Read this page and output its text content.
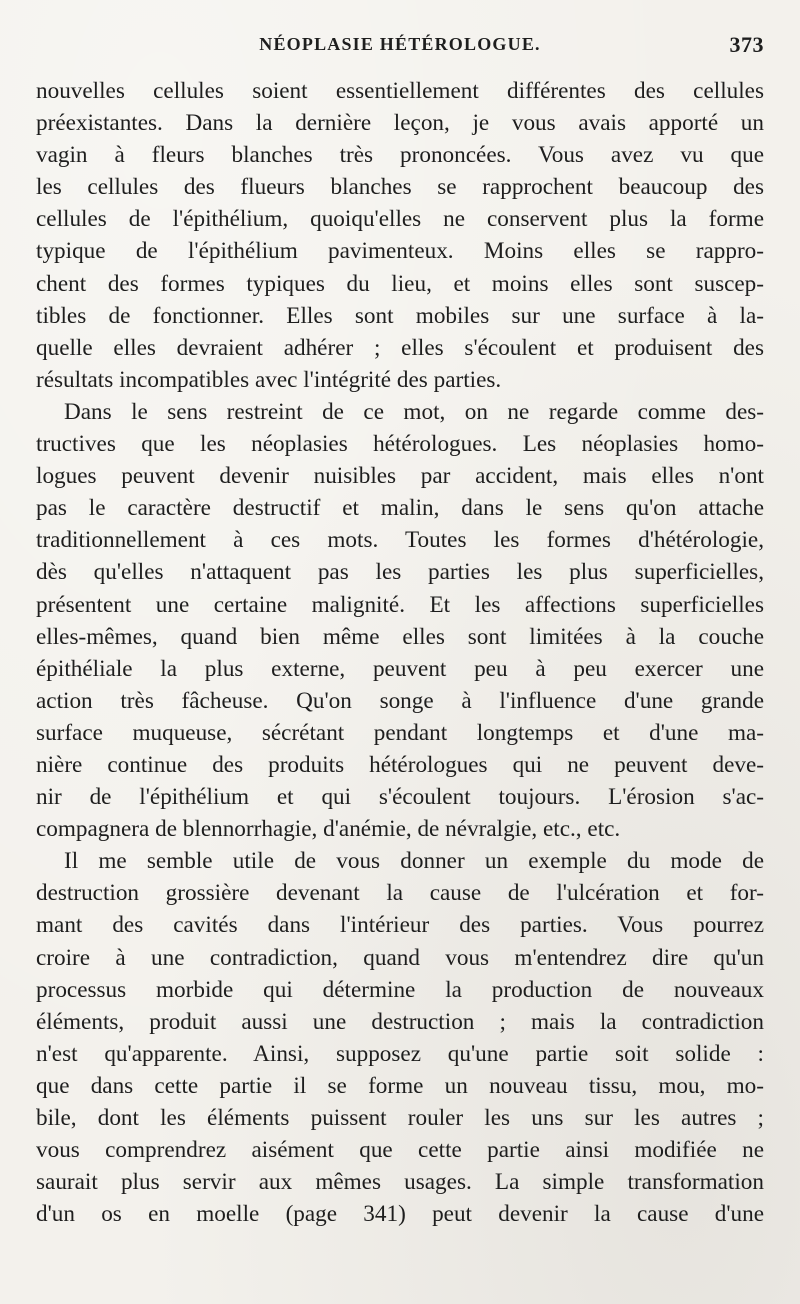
NÉOPLASIE HÉTÉROLOGUE.	373
nouvelles cellules soient essentiellement différentes des cellules
préexistantes. Dans la dernière leçon, je vous avais apporté un
vagin à fleurs blanches très prononcées. Vous avez vu que
les cellules des flueurs blanches se rapprochent beaucoup des
cellules de l'épithélium, quoiqu'elles ne conservent plus la forme
typique de l'épithélium pavimenteux. Moins elles se rappro-
chent des formes typiques du lieu, et moins elles sont suscep-
tibles de fonctionner. Elles sont mobiles sur une surface à la-
quelle elles devraient adhérer ; elles s'écoulent et produisent des
résultats incompatibles avec l'intégrité des parties.
Dans le sens restreint de ce mot, on ne regarde comme des-
tructives que les néoplasies hétérologues. Les néoplasies homo-
logues peuvent devenir nuisibles par accident, mais elles n'ont
pas le caractère destructif et malin, dans le sens qu'on attache
traditionnellement à ces mots. Toutes les formes d'hétérologie,
dès qu'elles n'attaquent pas les parties les plus superficielles,
présentent une certaine malignité. Et les affections superficielles
elles-mêmes, quand bien même elles sont limitées à la couche
épithéliale la plus externe, peuvent peu à peu exercer une
action très fâcheuse. Qu'on songe à l'influence d'une grande
surface muqueuse, sécrétant pendant longtemps et d'une ma-
nière continue des produits hétérologues qui ne peuvent deve-
nir de l'épithélium et qui s'écoulent toujours. L'érosion s'ac-
compagnera de blennorrhagie, d'anémie, de névralgie, etc., etc.
Il me semble utile de vous donner un exemple du mode de
destruction grossière devenant la cause de l'ulcération et for-
mant des cavités dans l'intérieur des parties. Vous pourrez
croire à une contradiction, quand vous m'entendrez dire qu'un
processus morbide qui détermine la production de nouveaux
éléments, produit aussi une destruction ; mais la contradiction
n'est qu'apparente. Ainsi, supposez qu'une partie soit solide :
que dans cette partie il se forme un nouveau tissu, mou, mo-
bile, dont les éléments puissent rouler les uns sur les autres ;
vous comprendrez aisément que cette partie ainsi modifiée ne
saurait plus servir aux mêmes usages. La simple transformation
d'un os en moelle (page 341) peut devenir la cause d'une
